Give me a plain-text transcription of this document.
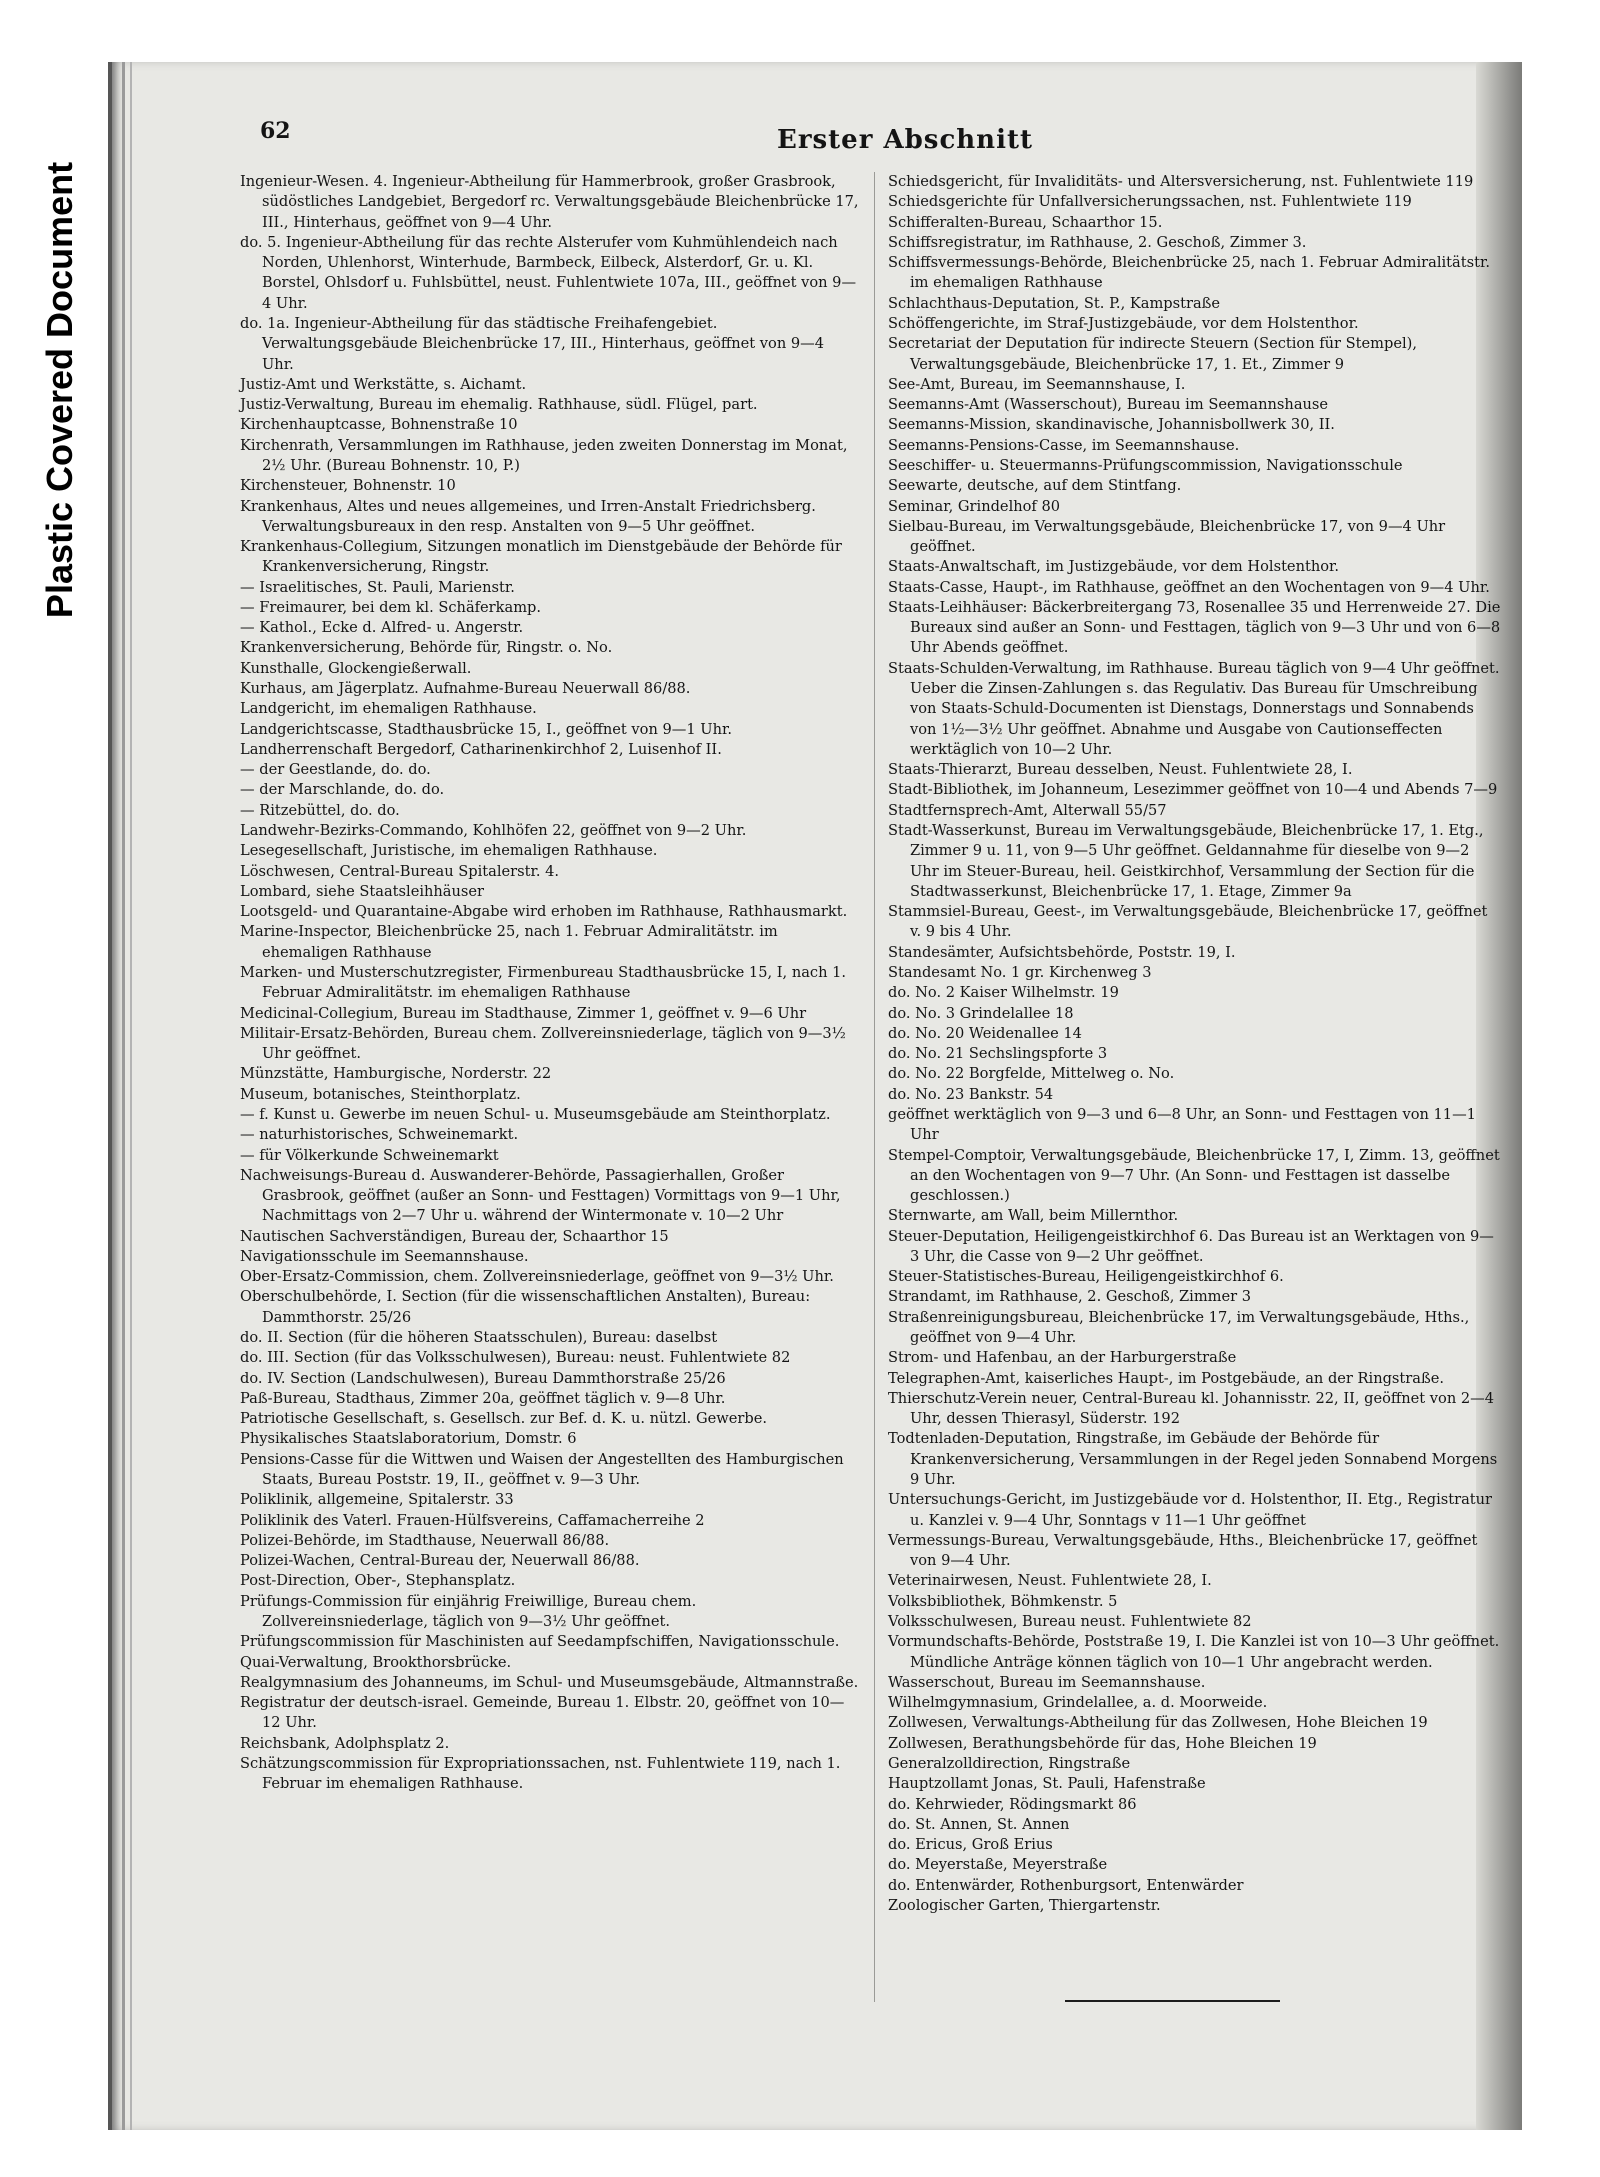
Plastic Covered Document
62	Erster Abschnitt

Ingenieur-Wesen. 4. Ingenieur-Abtheilung für Hammerbrook, großer Grasbrook, südöstliches Landgebiet, Bergedorf rc. Verwaltungsgebäude Bleichenbrücke 17, III., Hinterhaus, geöffnet von 9—4 Uhr.

do. 5. Ingenieur-Abtheilung für das rechte Alsterufer vom Kuhmühlendeich nach Norden, Uhlenhorst, Winterhude, Barmbeck, Eilbeck, Alsterdorf, Gr. u. Kl. Borstel, Ohlsdorf u. Fuhlsbüttel, neust. Fuhlentwiete 107a, III., geöffnet von 9—4 Uhr.

do. 1a. Ingenieur-Abtheilung für das städtische Freihafengebiet. Verwaltungsgebäude Bleichenbrücke 17, III., Hinterhaus, geöffnet von 9—4 Uhr.

Justiz-Amt und Werkstätte, s. Aichamt.

Justiz-Verwaltung, Bureau im ehemalig. Rathhause, südl. Flügel, part.

Kirchenhauptcasse, Bohnenstraße 10

Kirchenrath, Versammlungen im Rathhause, jeden zweiten Donnerstag im Monat, 2½ Uhr. (Bureau Bohnenstr. 10, P.)

Kirchensteuer, Bohnenstr. 10

Krankenhaus, Altes und neues allgemeines, und Irren-Anstalt Friedrichsberg. Verwaltungsbureaux in den resp. Anstalten von 9—5 Uhr geöffnet.

Krankenhaus-Collegium, Sitzungen monatlich im Dienstgebäude der Behörde für Krankenversicherung, Ringstr.

— Israelitisches, St. Pauli, Marienstr.

— Freimaurer, bei dem kl. Schäferkamp.

— Kathol., Ecke d. Alfred- u. Angerstr.

Krankenversicherung, Behörde für, Ringstr. o. No.

Kunsthalle, Glockengießerwall.

Kurhaus, am Jägerplatz. Aufnahme-Bureau Neuerwall 86/88.

Landgericht, im ehemaligen Rathhause.

Landgerichtscasse, Stadthausbrücke 15, I., geöffnet von 9—1 Uhr.

Landherrenschaft Bergedorf, Catharinenkirchhof 2, Luisenhof II.

— der Geestlande, do. do.

— der Marschlande, do. do.

— Ritzebüttel, do. do.

Landwehr-Bezirks-Commando, Kohlhöfen 22, geöffnet von 9—2 Uhr.

Lesegesellschaft, Juristische, im ehemaligen Rathhause.

Löschwesen, Central-Bureau Spitalerstr. 4.

Lombard, siehe Staatsleihhäuser

Lootsgeld- und Quarantaine-Abgabe wird erhoben im Rathhause, Rathhausmarkt.

Marine-Inspector, Bleichenbrücke 25, nach 1. Februar Admiralitätstr. im ehemaligen Rathhause

Marken- und Musterschutzregister, Firmenbureau Stadthausbrücke 15, I, nach 1. Februar Admiralitätstr. im ehemaligen Rathhause

Medicinal-Collegium, Bureau im Stadthause, Zimmer 1, geöffnet v. 9—6 Uhr

Militair-Ersatz-Behörden, Bureau chem. Zollvereinsniederlage, täglich von 9—3½ Uhr geöffnet.

Münzstätte, Hamburgische, Norderstr. 22

Museum, botanisches, Steinthorplatz.

— f. Kunst u. Gewerbe im neuen Schul- u. Museumsgebäude am Steinthorplatz.

— naturhistorisches, Schweinemarkt.

— für Völkerkunde Schweinemarkt

Nachweisungs-Bureau d. Auswanderer-Behörde, Passagierhallen, Großer Grasbrook, geöffnet (außer an Sonn- und Festtagen) Vormittags von 9—1 Uhr, Nachmittags von 2—7 Uhr u. während der Wintermonate v. 10—2 Uhr

Nautischen Sachverständigen, Bureau der, Schaarthor 15

Navigationsschule im Seemannshause.

Ober-Ersatz-Commission, chem. Zollvereinsniederlage, geöffnet von 9—3½ Uhr.

Oberschulbehörde, I. Section (für die wissenschaftlichen Anstalten), Bureau: Dammthorstr. 25/26

do. II. Section (für die höheren Staatsschulen), Bureau: daselbst

do. III. Section (für das Volksschulwesen), Bureau: neust. Fuhlentwiete 82

do. IV. Section (Landschulwesen), Bureau Dammthorstraße 25/26

Paß-Bureau, Stadthaus, Zimmer 20a, geöffnet täglich v. 9—8 Uhr.

Patriotische Gesellschaft, s. Gesellsch. zur Bef. d. K. u. nützl. Gewerbe.

Physikalisches Staatslaboratorium, Domstr. 6

Pensions-Casse für die Wittwen und Waisen der Angestellten des Hamburgischen Staats, Bureau Poststr. 19, II., geöffnet v. 9—3 Uhr.

Poliklinik, allgemeine, Spitalerstr. 33

Poliklinik des Vaterl. Frauen-Hülfsvereins, Caffamacherreihe 2

Polizei-Behörde, im Stadthause, Neuerwall 86/88.

Polizei-Wachen, Central-Bureau der, Neuerwall 86/88.

Post-Direction, Ober-, Stephansplatz.

Prüfungs-Commission für einjährig Freiwillige, Bureau chem. Zollvereinsniederlage, täglich von 9—3½ Uhr geöffnet.

Prüfungscommission für Maschinisten auf Seedampfschiffen, Navigationsschule.

Quai-Verwaltung, Brookthorsbrücke.

Realgymnasium des Johanneums, im Schul- und Museumsgebäude, Altmannstraße.

Registratur der deutsch-israel. Gemeinde, Bureau 1. Elbstr. 20, geöffnet von 10—12 Uhr.

Reichsbank, Adolphsplatz 2.

Schätzungscommission für Expropriationssachen, nst. Fuhlentwiete 119, nach 1. Februar im ehemaligen Rathhause.

Schiedsgericht, für Invaliditäts- und Altersversicherung, nst. Fuhlentwiete 119

Schiedsgerichte für Unfallversicherungssachen, nst. Fuhlentwiete 119

Schifferalten-Bureau, Schaarthor 15.

Schiffsregistratur, im Rathhause, 2. Geschoß, Zimmer 3.

Schiffsvermessungs-Behörde, Bleichenbrücke 25, nach 1. Februar Admiralitätstr. im ehemaligen Rathhause

Schlachthaus-Deputation, St. P., Kampstraße

Schöffengerichte, im Straf-Justizgebäude, vor dem Holstenthor.

Secretariat der Deputation für indirecte Steuern (Section für Stempel), Verwaltungsgebäude, Bleichenbrücke 17, 1. Et., Zimmer 9

See-Amt, Bureau, im Seemannshause, I.

Seemanns-Amt (Wasserschout), Bureau im Seemannshause

Seemanns-Mission, skandinavische, Johannisbollwerk 30, II.

Seemanns-Pensions-Casse, im Seemannshause.

Seeschiffer- u. Steuermanns-Prüfungscommission, Navigationsschule

Seewarte, deutsche, auf dem Stintfang.

Seminar, Grindelhof 80

Sielbau-Bureau, im Verwaltungsgebäude, Bleichenbrücke 17, von 9—4 Uhr geöffnet.

Staats-Anwaltschaft, im Justizgebäude, vor dem Holstenthor.

Staats-Casse, Haupt-, im Rathhause, geöffnet an den Wochentagen von 9—4 Uhr.

Staats-Leihhäuser: Bäckerbreitergang 73, Rosenallee 35 und Herrenweide 27. Die Bureaux sind außer an Sonn- und Festtagen, täglich von 9—3 Uhr und von 6—8 Uhr Abends geöffnet.

Staats-Schulden-Verwaltung, im Rathhause. Bureau täglich von 9—4 Uhr geöffnet. Ueber die Zinsen-Zahlungen s. das Regulativ. Das Bureau für Umschreibung von Staats-Schuld-Documenten ist Dienstags, Donnerstags und Sonnabends von 1½—3½ Uhr geöffnet. Abnahme und Ausgabe von Cautionseffecten werktäglich von 10—2 Uhr.

Staats-Thierarzt, Bureau desselben, Neust. Fuhlentwiete 28, I.

Stadt-Bibliothek, im Johanneum, Lesezimmer geöffnet von 10—4 und Abends 7—9

Stadtfernsprech-Amt, Alterwall 55/57

Stadt-Wasserkunst, Bureau im Verwaltungsgebäude, Bleichenbrücke 17, 1. Etg., Zimmer 9 u. 11, von 9—5 Uhr geöffnet. Geldannahme für dieselbe von 9—2 Uhr im Steuer-Bureau, heil. Geistkirchhof, Versammlung der Section für die Stadtwasserkunst, Bleichenbrücke 17, 1. Etage, Zimmer 9a

Stammsiel-Bureau, Geest-, im Verwaltungsgebäude, Bleichenbrücke 17, geöffnet v. 9 bis 4 Uhr.

Standesämter, Aufsichtsbehörde, Poststr. 19, I.

Standesamt No. 1 gr. Kirchenweg 3

do. No. 2 Kaiser Wilhelmstr. 19

do. No. 3 Grindelallee 18

do. No. 20 Weidenallee 14

do. No. 21 Sechslingspforte 3

do. No. 22 Borgfelde, Mittelweg o. No.

do. No. 23 Bankstr. 54

geöffnet werktäglich von 9—3 und 6—8 Uhr, an Sonn- und Festtagen von 11—1 Uhr

Stempel-Comptoir, Verwaltungsgebäude, Bleichenbrücke 17, I, Zimm. 13, geöffnet an den Wochentagen von 9—7 Uhr. (An Sonn- und Festtagen ist dasselbe geschlossen.)

Sternwarte, am Wall, beim Millernthor.

Steuer-Deputation, Heiligengeistkirchhof 6. Das Bureau ist an Werktagen von 9—3 Uhr, die Casse von 9—2 Uhr geöffnet.

Steuer-Statistisches-Bureau, Heiligengeistkirchhof 6.

Strandamt, im Rathhause, 2. Geschoß, Zimmer 3

Straßenreinigungsbureau, Bleichenbrücke 17, im Verwaltungsgebäude, Hths., geöffnet von 9—4 Uhr.

Strom- und Hafenbau, an der Harburgerstraße

Telegraphen-Amt, kaiserliches Haupt-, im Postgebäude, an der Ringstraße.

Thierschutz-Verein neuer, Central-Bureau kl. Johannisstr. 22, II, geöffnet von 2—4 Uhr, dessen Thierasyl, Süderstr. 192

Todtenladen-Deputation, Ringstraße, im Gebäude der Behörde für Krankenversicherung, Versammlungen in der Regel jeden Sonnabend Morgens 9 Uhr.

Untersuchungs-Gericht, im Justizgebäude vor d. Holstenthor, II. Etg., Registratur u. Kanzlei v. 9—4 Uhr, Sonntags v 11—1 Uhr geöffnet

Vermessungs-Bureau, Verwaltungsgebäude, Hths., Bleichenbrücke 17, geöffnet von 9—4 Uhr.

Veterinairwesen, Neust. Fuhlentwiete 28, I.

Volksbibliothek, Böhmkenstr. 5

Volksschulwesen, Bureau neust. Fuhlentwiete 82

Vormundschafts-Behörde, Poststraße 19, I. Die Kanzlei ist von 10—3 Uhr geöffnet. Mündliche Anträge können täglich von 10—1 Uhr angebracht werden.

Wasserschout, Bureau im Seemannshause.

Wilhelmgymnasium, Grindelallee, a. d. Moorweide.

Zollwesen, Verwaltungs-Abtheilung für das Zollwesen, Hohe Bleichen 19

Zollwesen, Berathungsbehörde für das, Hohe Bleichen 19

Generalzolldirection, Ringstraße

Hauptzollamt Jonas, St. Pauli, Hafenstraße

do. Kehrwieder, Rödingsmarkt 86

do. St. Annen, St. Annen

do. Ericus, Groß Erius

do. Meyerstaße, Meyerstraße

do. Entenwärder, Rothenburgsort, Entenwärder

Zoologischer Garten, Thiergartenstr.
